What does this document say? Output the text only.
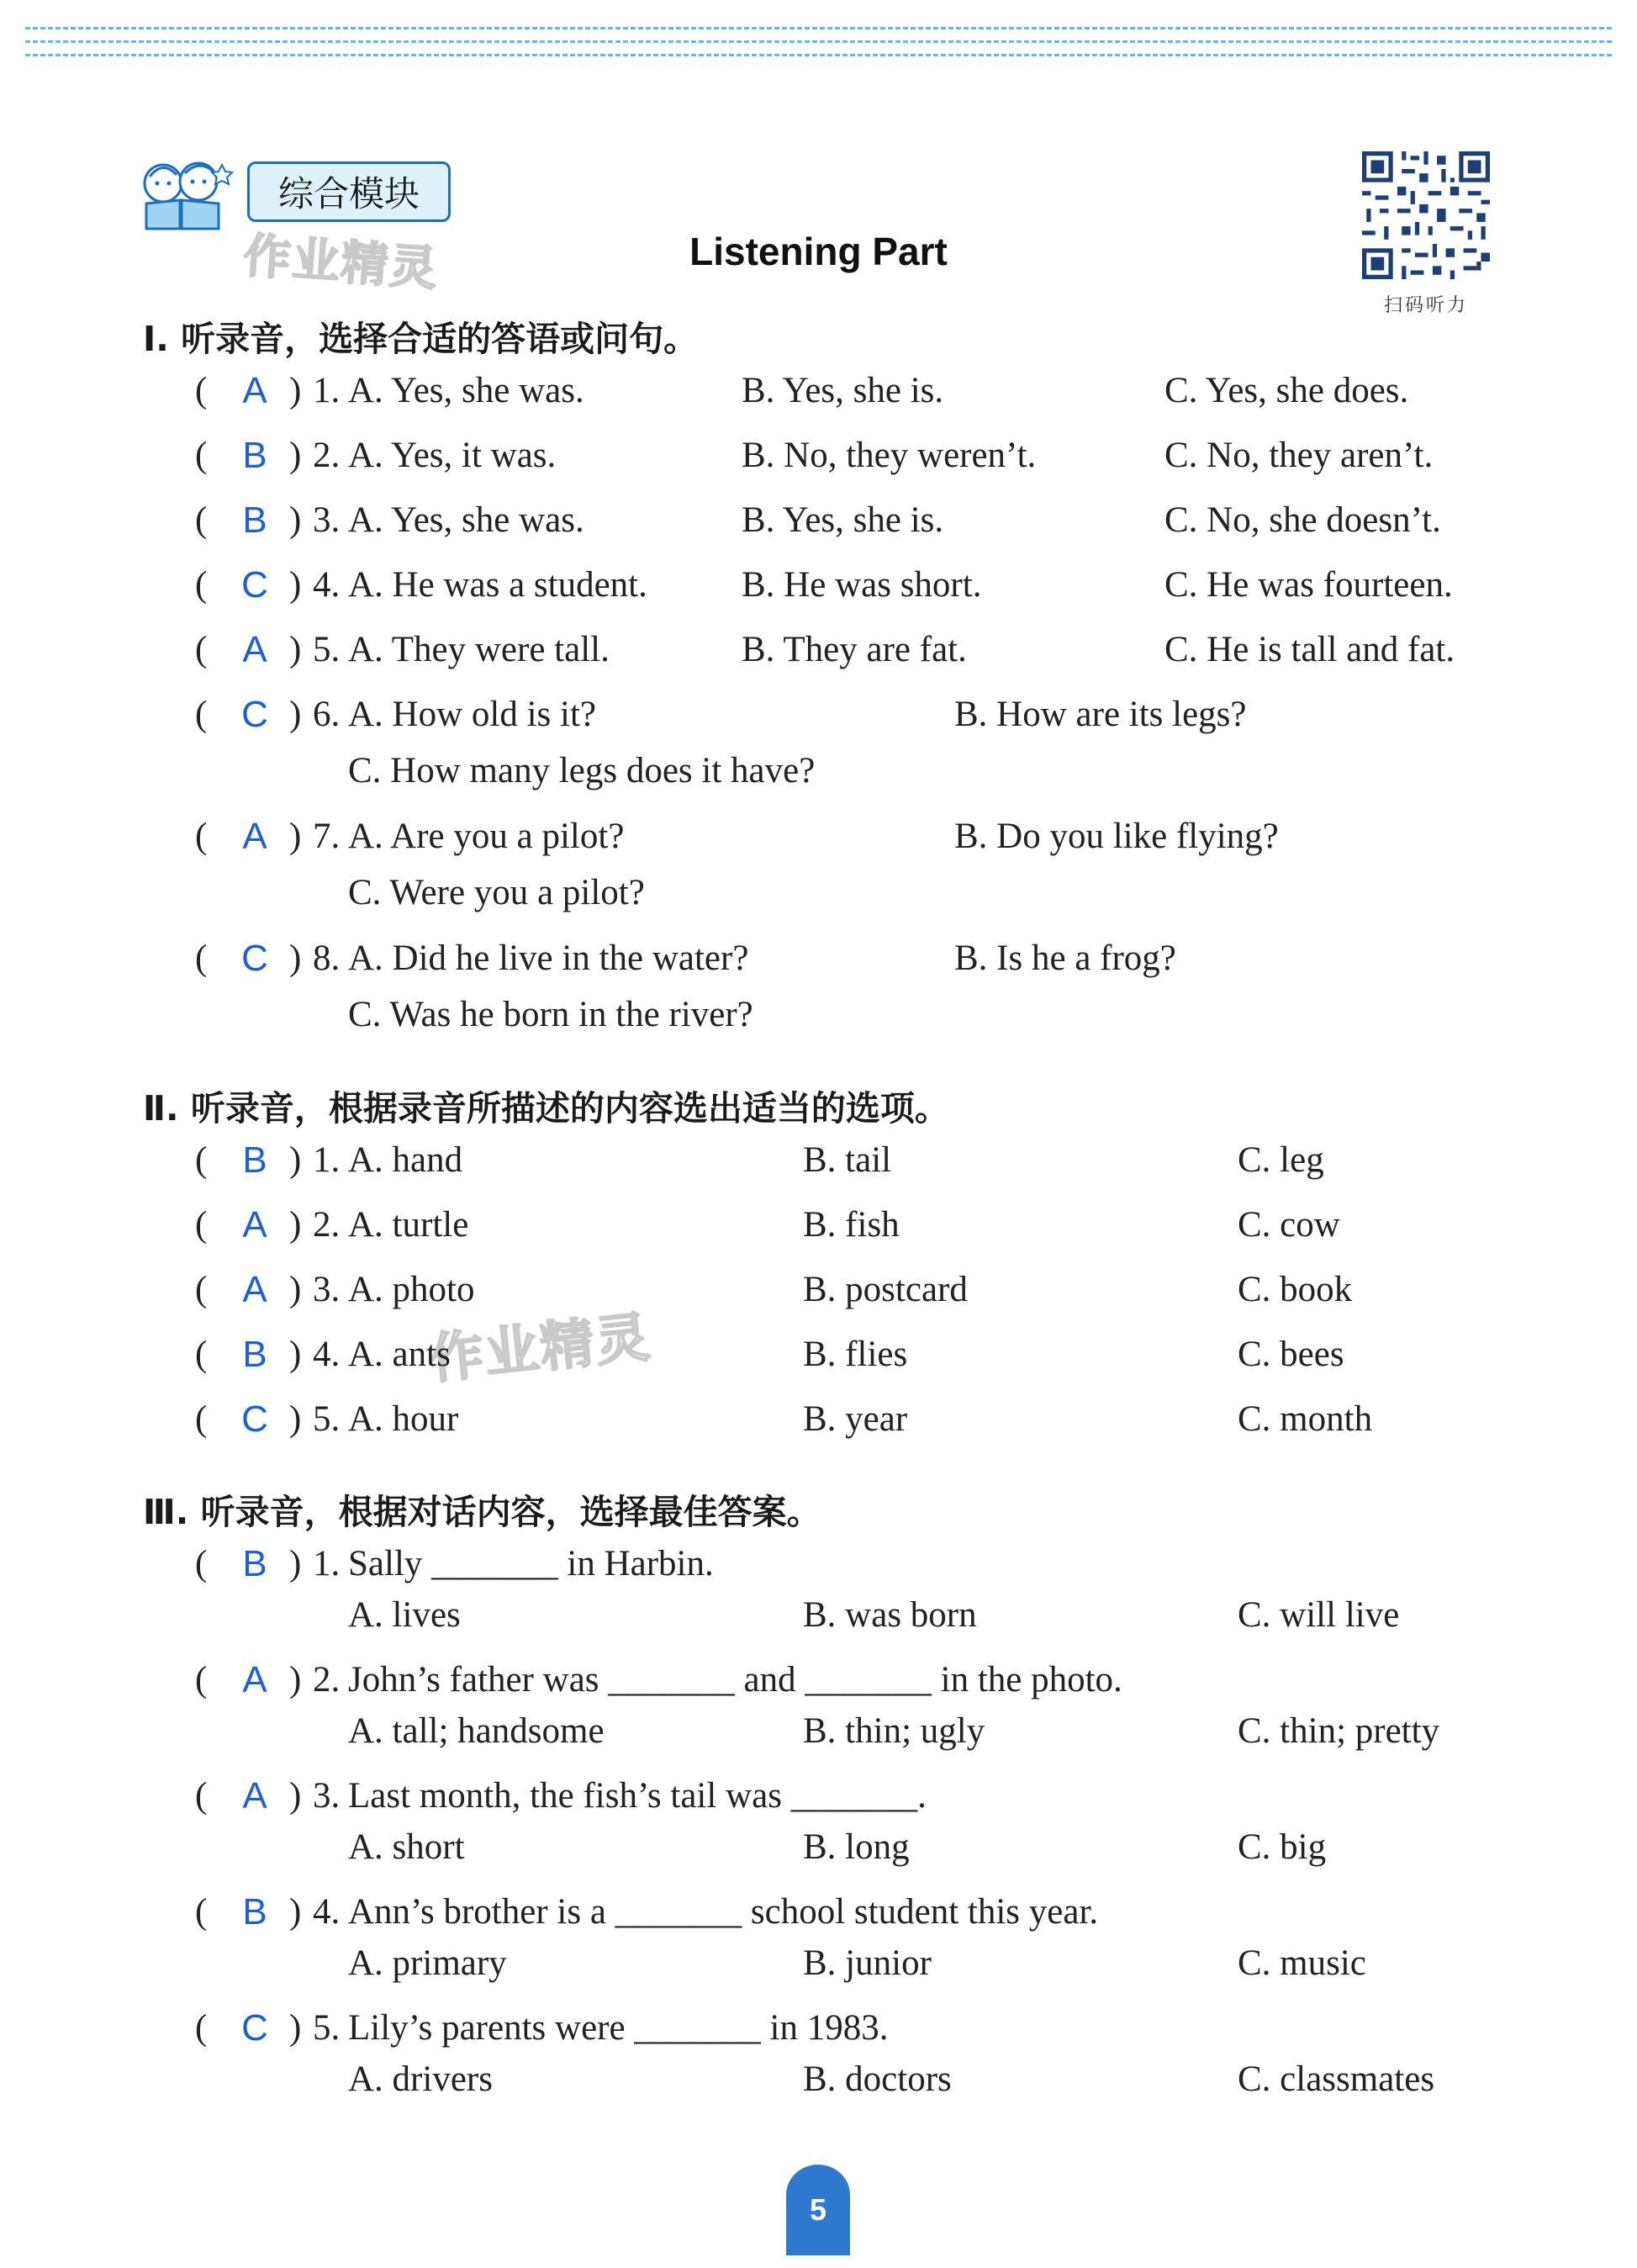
综合模块
作业精灵
作业精灵
Listening Part
扫码听力
Ⅰ. 听录音，选择合适的答语或问句。
( A ) 1. A. Yes, she was.	B. Yes, she is.	C. Yes, she does.
( B ) 2. A. Yes, it was.	B. No, they weren’t.	C. No, they aren’t.
( B ) 3. A. Yes, she was.	B. Yes, she is.	C. No, she doesn’t.
( C ) 4. A. He was a student.	B. He was short.	C. He was fourteen.
( A ) 5. A. They were tall.	B. They are fat.	C. He is tall and fat.
( C ) 6. A. How old is it?	B. How are its legs?
C. How many legs does it have?
( A ) 7. A. Are you a pilot?	B. Do you like flying?
C. Were you a pilot?
( C ) 8. A. Did he live in the water?	B. Is he a frog?
C. Was he born in the river?
Ⅱ. 听录音，根据录音所描述的内容选出适当的选项。
( B ) 1. A. hand	B. tail	C. leg
( A ) 2. A. turtle	B. fish	C. cow
( A ) 3. A. photo	B. postcard	C. book
( B ) 4. A. ants	B. flies	C. bees
( C ) 5. A. hour	B. year	C. month
Ⅲ. 听录音，根据对话内容，选择最佳答案。
( B ) 1. Sally _______ in Harbin.
A. lives	B. was born	C. will live
( A ) 2. John’s father was _______ and _______ in the photo.
A. tall; handsome	B. thin; ugly	C. thin; pretty
( A ) 3. Last month, the fish’s tail was _______.
A. short	B. long	C. big
( B ) 4. Ann’s brother is a _______ school student this year.
A. primary	B. junior	C. music
( C ) 5. Lily’s parents were _______ in 1983.
A. drivers	B. doctors	C. classmates
5
